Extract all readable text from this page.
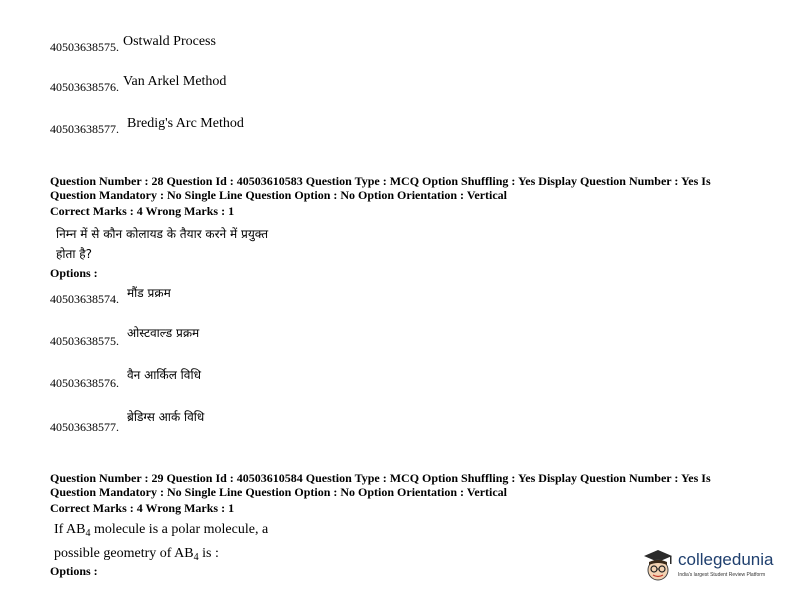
40503638575. Ostwald Process
40503638576. Van Arkel Method
40503638577. Bredig's Arc Method
Question Number : 28 Question Id : 40503610583 Question Type : MCQ Option Shuffling : Yes Display Question Number : Yes Is
Question Mandatory : No Single Line Question Option : No Option Orientation : Vertical
Correct Marks : 4 Wrong Marks : 1
निम्न में से कौन कोलायड के तैयार करने में प्रयुक्त
होता है?
Options :
40503638574. $^{मौंड प्रक्रम}$
40503638575. $^{ओस्टवाल्ड प्रक्रम}$
40503638576. $^{वैन आर्किल विधि}$
40503638577. $^{ब्रेडिग्स आर्क विधि}$
Question Number : 29 Question Id : 40503610584 Question Type : MCQ Option Shuffling : Yes Display Question Number : Yes Is
Question Mandatory : No Single Line Question Option : No Option Orientation : Vertical
Correct Marks : 4 Wrong Marks : 1
If $AB_4$ molecule is a polar molecule, a
possible geometry of $AB_4$ is :
Options :
collegedunia
India's largest Student Review Platform
